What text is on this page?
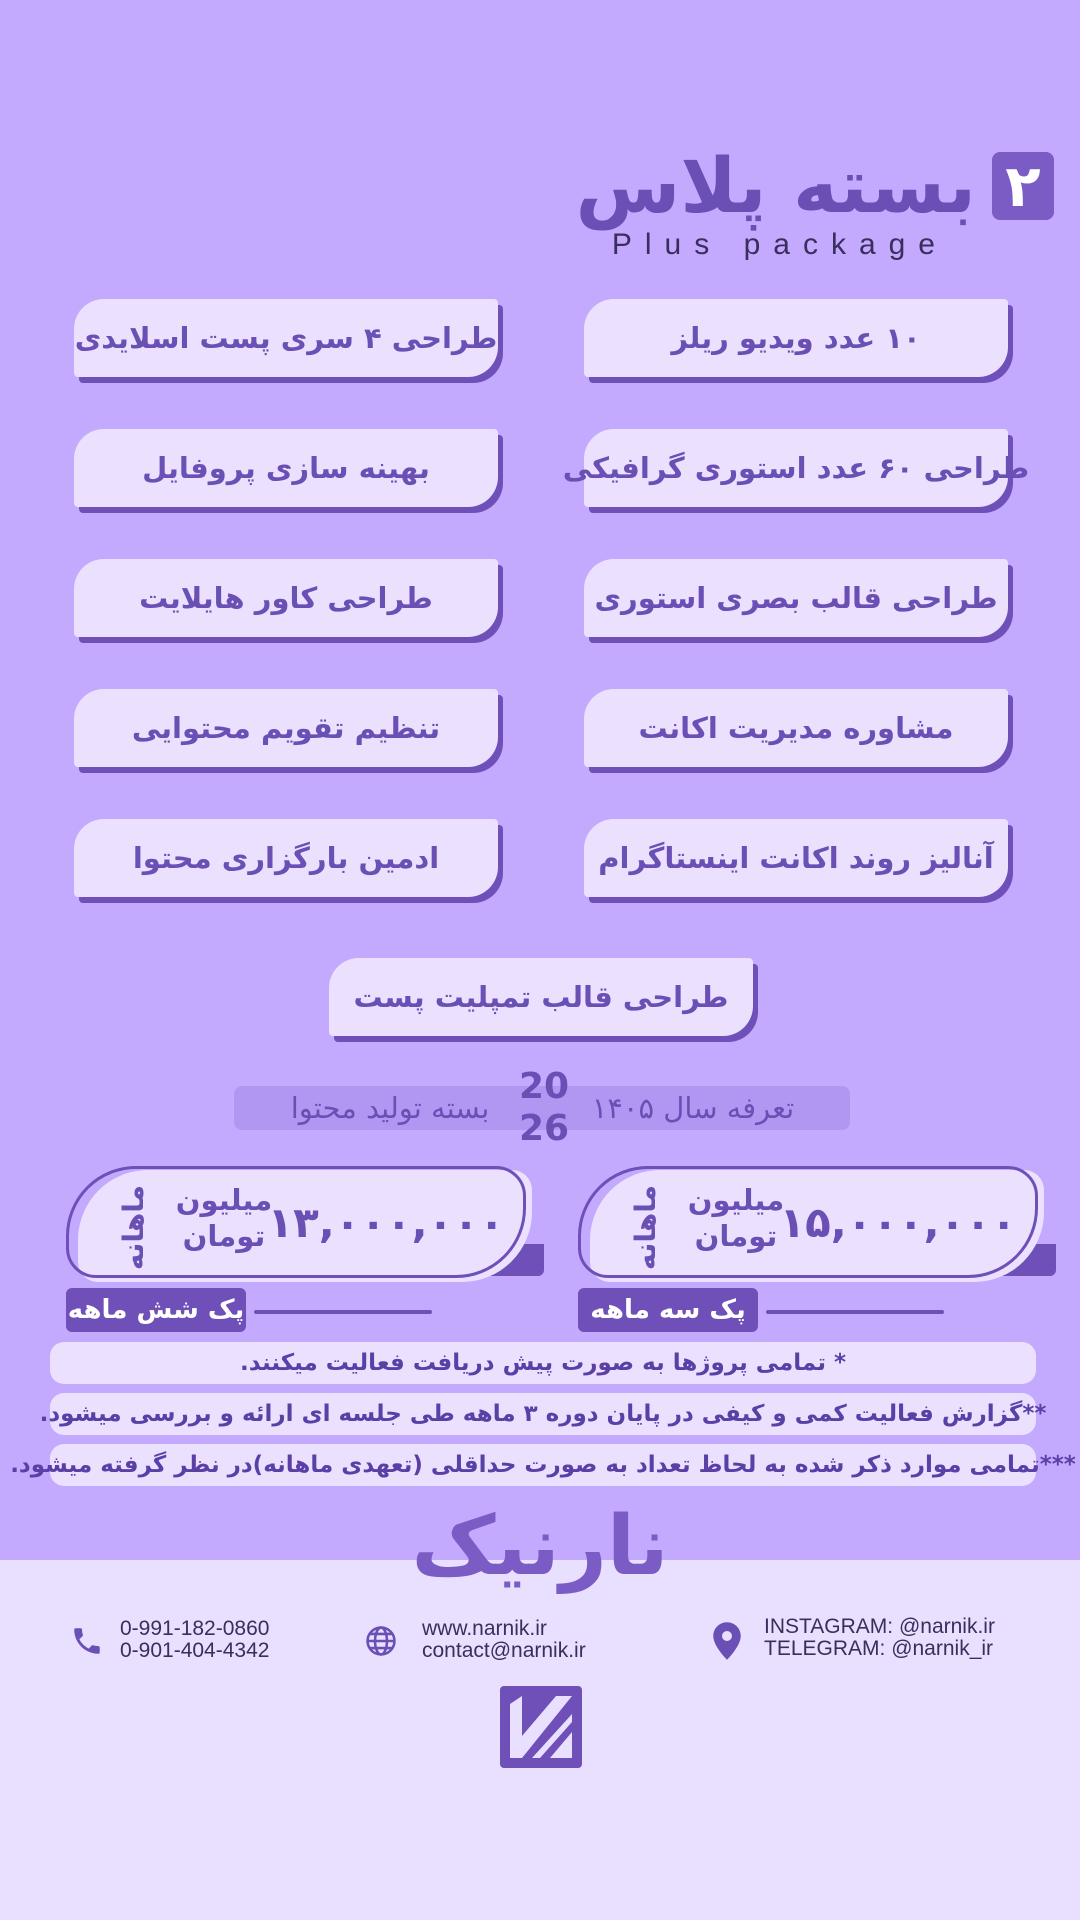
۲
بسته پلاس
Plus package
۱۰ عدد ویدیو ریلز
طراحی ۴ سری پست اسلایدی
طراحی ۶۰ عدد استوری گرافیکی
بهینه سازی پروفایل
طراحی قالب بصری استوری
طراحی کاور هایلایت
مشاوره مدیریت اکانت
تنظیم تقویم محتوایی
آنالیز روند اکانت اینستاگرام
ادمین بارگزاری محتوا
طراحی قالب تمپلیت پست
تعرفه سال ۱۴۰۵
20
26
بسته تولید محتوا
۱۵,۰۰۰,۰۰۰
میلیون
تومان
ماهانه
پک سه ماهه
۱۳,۰۰۰,۰۰۰
میلیون
تومان
ماهانه
پک شش ماهه
* تمامی پروژها به صورت پیش دریافت فعالیت میکنند.
**گزارش فعالیت کمی و کیفی در پایان دوره ۳ ماهه طی جلسه ای ارائه و بررسی میشود.
***تمامی موارد ذکر شده به لحاظ تعداد به صورت حداقلی (تعهدی ماهانه)در نظر گرفته میشود.
نارنیک
0-991-182-0860
0-901-404-4342
www.narnik.ir
contact@narnik.ir
INSTAGRAM: @narnik.ir
TELEGRAM: @narnik_ir
